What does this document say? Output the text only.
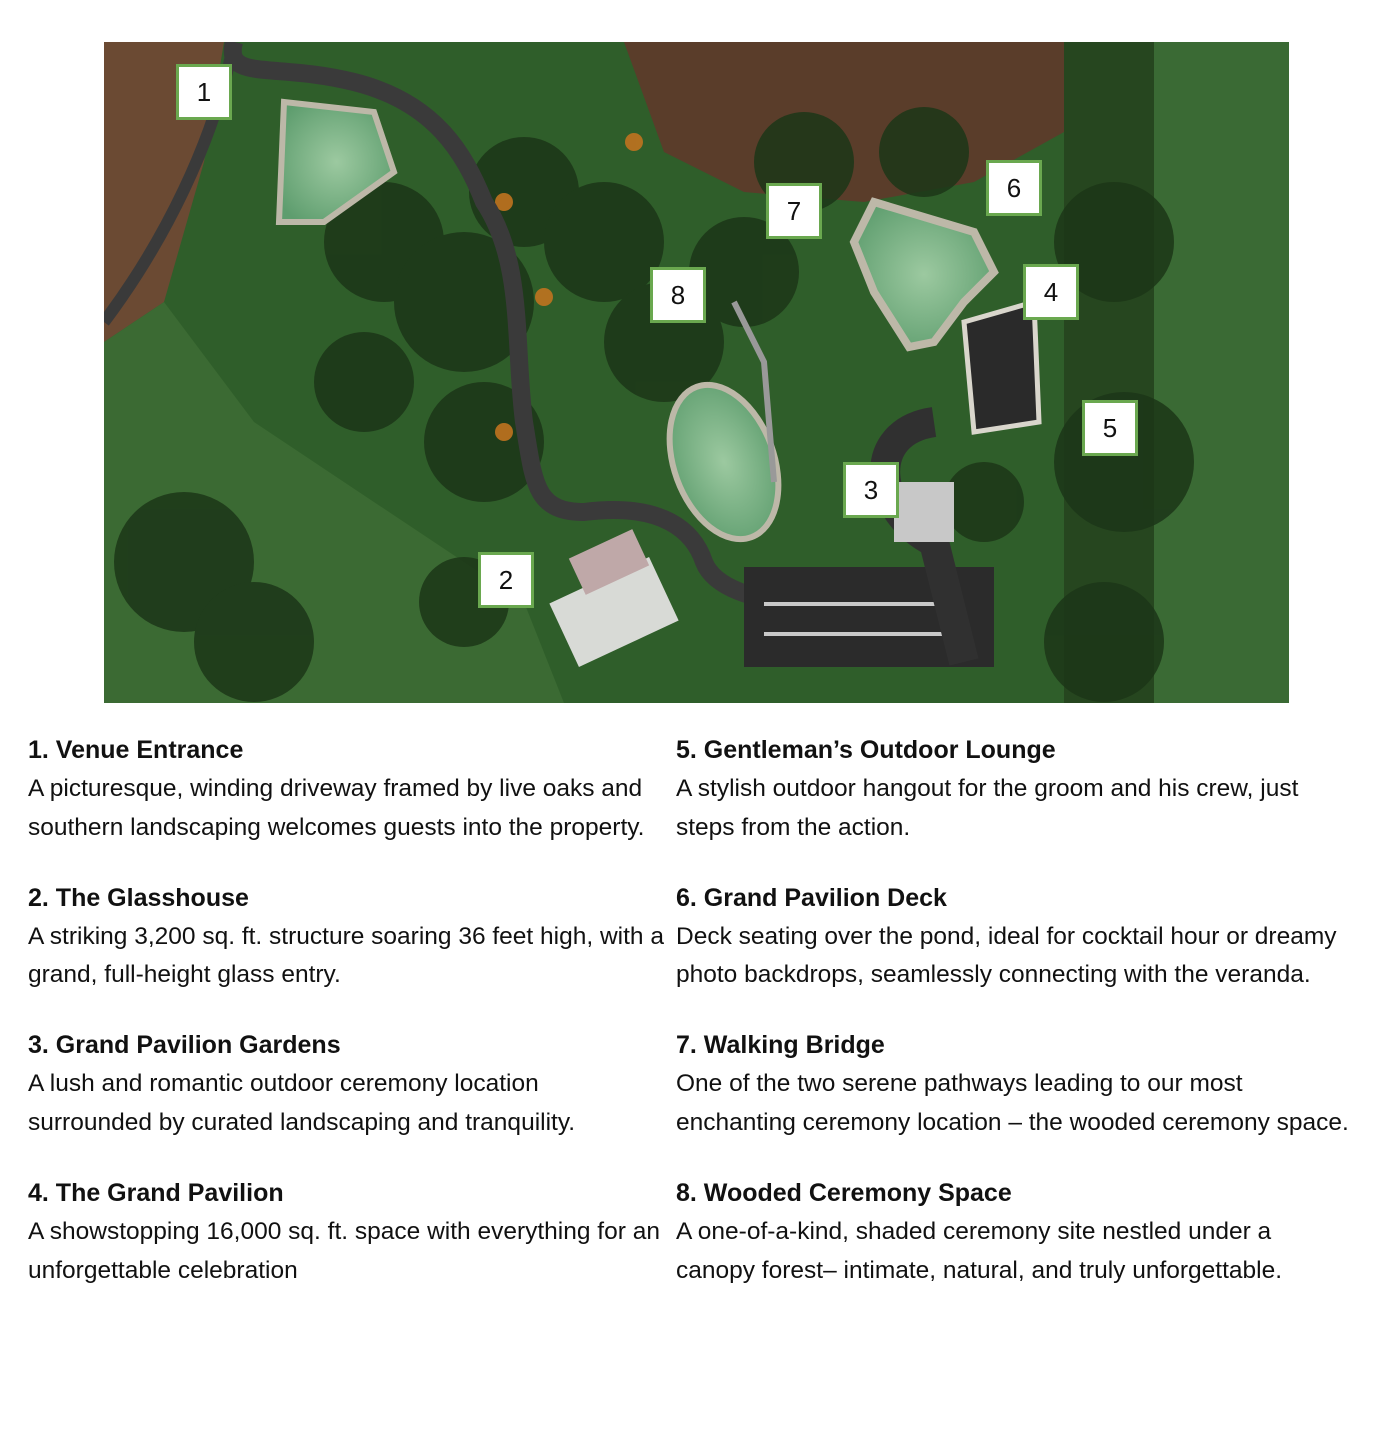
1
2
3
4
5
6
7
8
1. Venue Entrance
A picturesque, winding driveway framed by live oaks and southern landscaping welcomes guests into the property.
2. The Glasshouse
A striking 3,200 sq. ft. structure soaring 36 feet high, with a grand, full-height glass entry.
3. Grand Pavilion Gardens
A lush and romantic outdoor ceremony location surrounded by curated landscaping and tranquility.
4. The Grand Pavilion
A showstopping 16,000 sq. ft. space with everything for an unforgettable celebration
5. Gentleman’s Outdoor Lounge
A stylish outdoor hangout for the groom and his crew, just steps from the action.
6. Grand Pavilion Deck
Deck seating over the pond, ideal for cocktail hour or dreamy photo backdrops, seamlessly connecting with the veranda.
7. Walking Bridge
One of the two serene pathways leading to our most enchanting ceremony location – the wooded ceremony space.
8. Wooded Ceremony Space
A one-of-a-kind, shaded ceremony site nestled under a canopy forest– intimate, natural, and truly unforgettable.
